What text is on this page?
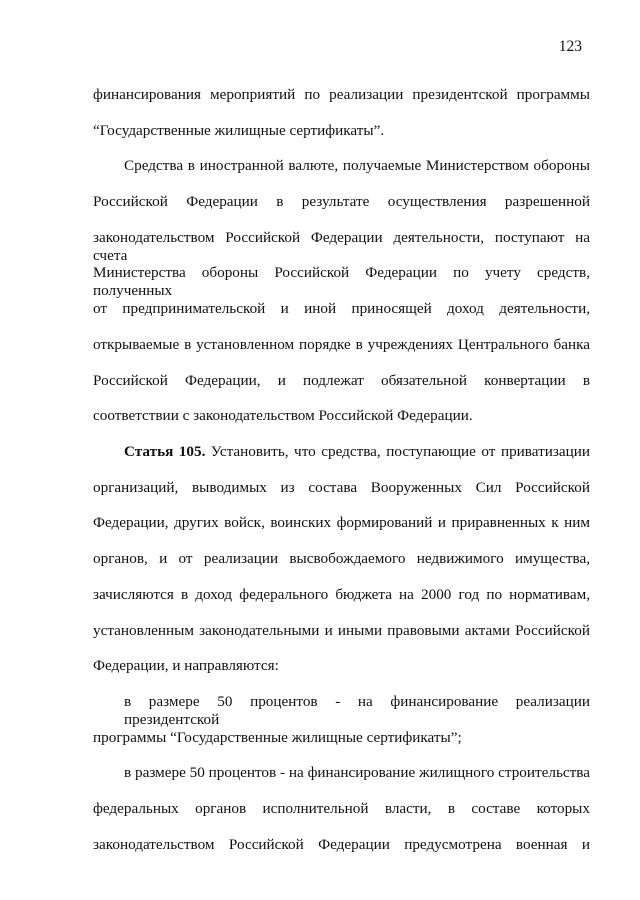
123
финансирования мероприятий по реализации президентской программы
“Государственные жилищные сертификаты”.
Средства в иностранной валюте, получаемые Министерством обороны
Российской Федерации в результате осуществления разрешенной
законодательством Российской Федерации деятельности, поступают на счета
Министерства обороны Российской Федерации по учету средств, полученных
от предпринимательской и иной приносящей доход деятельности,
открываемые в установленном порядке в учреждениях Центрального банка
Российской Федерации, и подлежат обязательной конвертации в
соответствии с законодательством Российской Федерации.
Статья 105. Установить, что средства, поступающие от приватизации
организаций, выводимых из состава Вооруженных Сил Российской
Федерации, других войск, воинских формирований и приравненных к ним
органов, и от реализации высвобождаемого недвижимого имущества,
зачисляются в доход федерального бюджета на 2000 год по нормативам,
установленным законодательными и иными правовыми актами Российской
Федерации, и направляются:
в размере 50 процентов - на финансирование реализации президентской
программы “Государственные жилищные сертификаты”;
в размере 50 процентов - на финансирование жилищного строительства
федеральных органов исполнительной власти, в составе которых
законодательством Российской Федерации предусмотрена военная и
